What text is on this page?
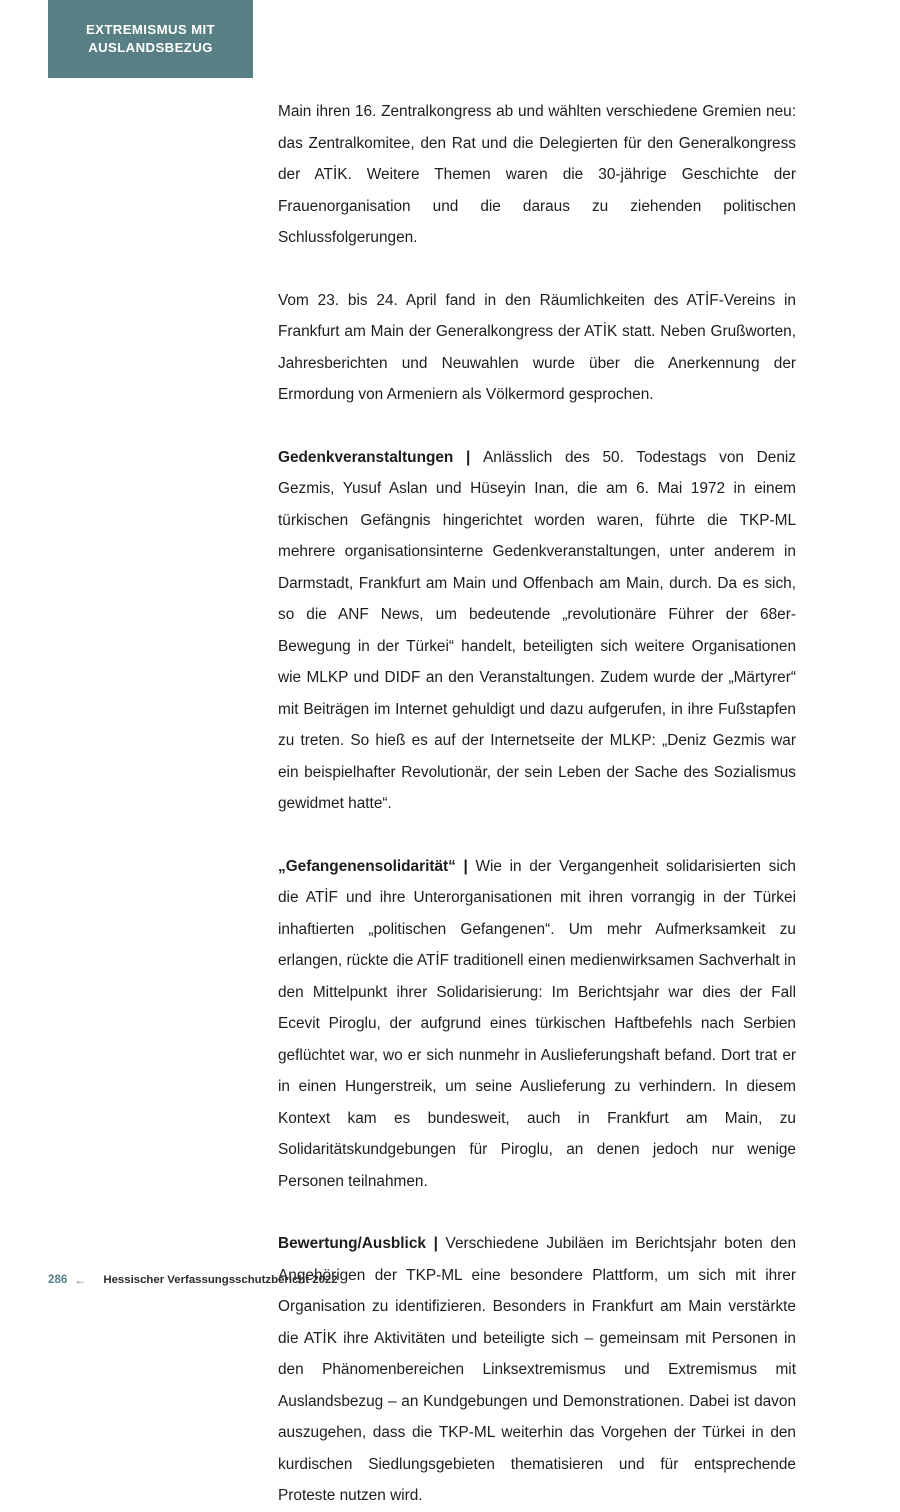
EXTREMISMUS MIT AUSLANDSBEZUG

Main ihren 16. Zentralkongress ab und wählten verschiedene Gremien neu: das Zentralkomitee, den Rat und die Delegierten für den Generalkongress der ATİK. Weitere Themen waren die 30-jährige Geschichte der Frauenorganisation und die daraus zu ziehenden politischen Schlussfolgerungen.

Vom 23. bis 24. April fand in den Räumlichkeiten des ATİF-Vereins in Frankfurt am Main der Generalkongress der ATİK statt. Neben Grußworten, Jahresberichten und Neuwahlen wurde über die Anerkennung der Ermordung von Armeniern als Völkermord gesprochen.

Gedenkveranstaltungen | Anlässlich des 50. Todestags von Deniz Gezmis, Yusuf Aslan und Hüseyin Inan, die am 6. Mai 1972 in einem türkischen Gefängnis hingerichtet worden waren, führte die TKP-ML mehrere organisationsinterne Gedenkveranstaltungen, unter anderem in Darmstadt, Frankfurt am Main und Offenbach am Main, durch. Da es sich, so die ANF News, um bedeutende „revolutionäre Führer der 68er-Bewegung in der Türkei“ handelt, beteiligten sich weitere Organisationen wie MLKP und DIDF an den Veranstaltungen. Zudem wurde der „Märtyrer“ mit Beiträgen im Internet gehuldigt und dazu aufgerufen, in ihre Fußstapfen zu treten. So hieß es auf der Internetseite der MLKP: „Deniz Gezmis war ein beispielhafter Revolutionär, der sein Leben der Sache des Sozialismus gewidmet hatte“.

„Gefangenensolidarität“ | Wie in der Vergangenheit solidarisierten sich die ATİF und ihre Unterorganisationen mit ihren vorrangig in der Türkei inhaftierten „politischen Gefangenen“. Um mehr Aufmerksamkeit zu erlangen, rückte die ATİF traditionell einen medienwirksamen Sachverhalt in den Mittelpunkt ihrer Solidarisierung: Im Berichtsjahr war dies der Fall Ecevit Piroglu, der aufgrund eines türkischen Haftbefehls nach Serbien geflüchtet war, wo er sich nunmehr in Auslieferungshaft befand. Dort trat er in einen Hungerstreik, um seine Auslieferung zu verhindern. In diesem Kontext kam es bundesweit, auch in Frankfurt am Main, zu Solidaritätskundgebungen für Piroglu, an denen jedoch nur wenige Personen teilnahmen.

Bewertung/Ausblick | Verschiedene Jubiläen im Berichtsjahr boten den Angehörigen der TKP-ML eine besondere Plattform, um sich mit ihrer Organisation zu identifizieren. Besonders in Frankfurt am Main verstärkte die ATİK ihre Aktivitäten und beteiligte sich – gemeinsam mit Personen in den Phänomenbereichen Linksextremismus und Extremismus mit Auslandsbezug – an Kundgebungen und Demonstrationen. Dabei ist davon auszugehen, dass die TKP-ML weiterhin das Vorgehen der Türkei in den kurdischen Siedlungsgebieten thematisieren und für entsprechende Proteste nutzen wird.

286 ← Hessischer Verfassungsschutzbericht 2022
